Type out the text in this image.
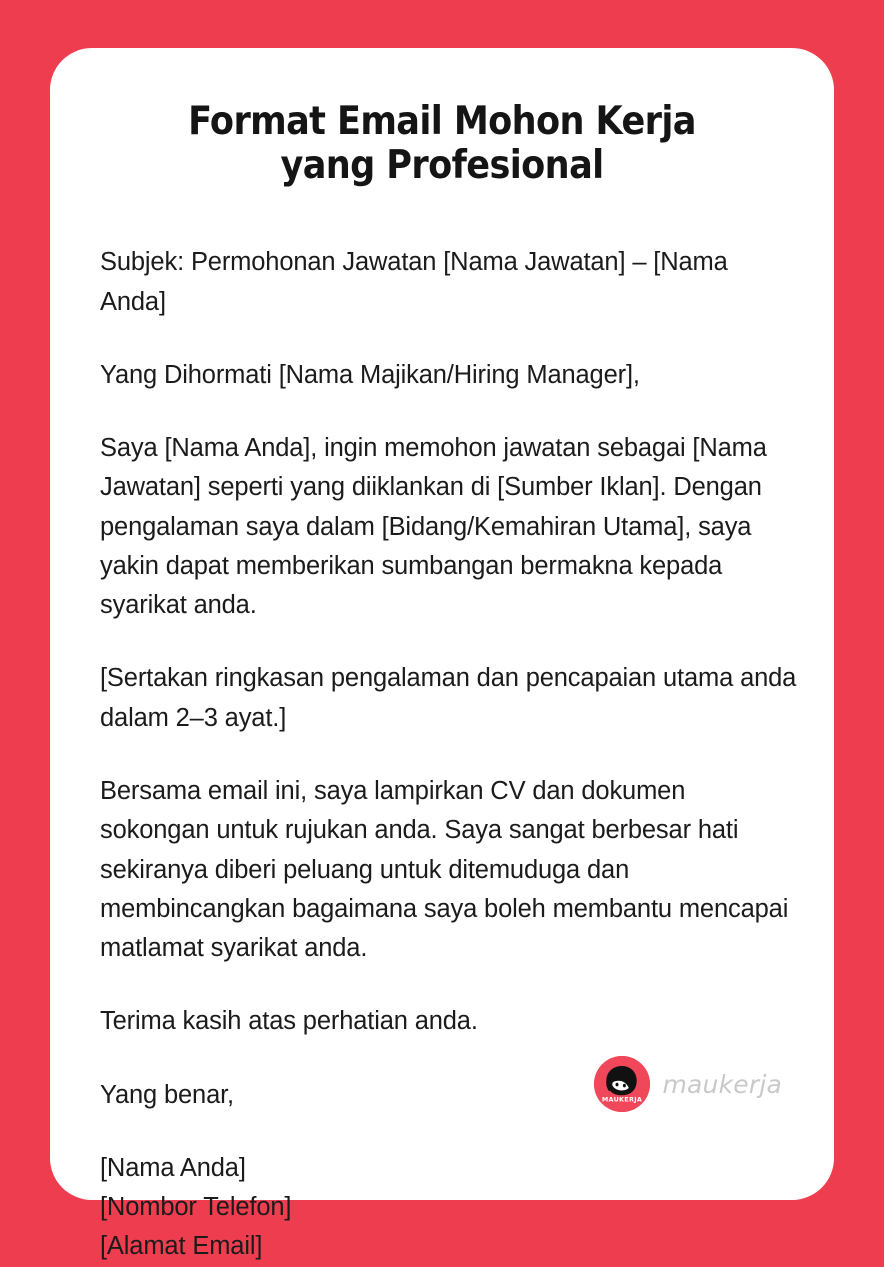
Format Email Mohon Kerja
yang Profesional

Subjek: Permohonan Jawatan [Nama Jawatan] – [Nama Anda]

Yang Dihormati [Nama Majikan/Hiring Manager],

Saya [Nama Anda], ingin memohon jawatan sebagai [Nama Jawatan] seperti yang diiklankan di [Sumber Iklan]. Dengan pengalaman saya dalam [Bidang/Kemahiran Utama], saya yakin dapat memberikan sumbangan bermakna kepada syarikat anda.

[Sertakan ringkasan pengalaman dan pencapaian utama anda dalam 2–3 ayat.]

Bersama email ini, saya lampirkan CV dan dokumen sokongan untuk rujukan anda. Saya sangat berbesar hati sekiranya diberi peluang untuk ditemuduga dan membincangkan bagaimana saya boleh membantu mencapai matlamat syarikat anda.

Terima kasih atas perhatian anda.

Yang benar,

[Nama Anda]
[Nombor Telefon]
[Alamat Email]

MAUKERJA
maukerja
